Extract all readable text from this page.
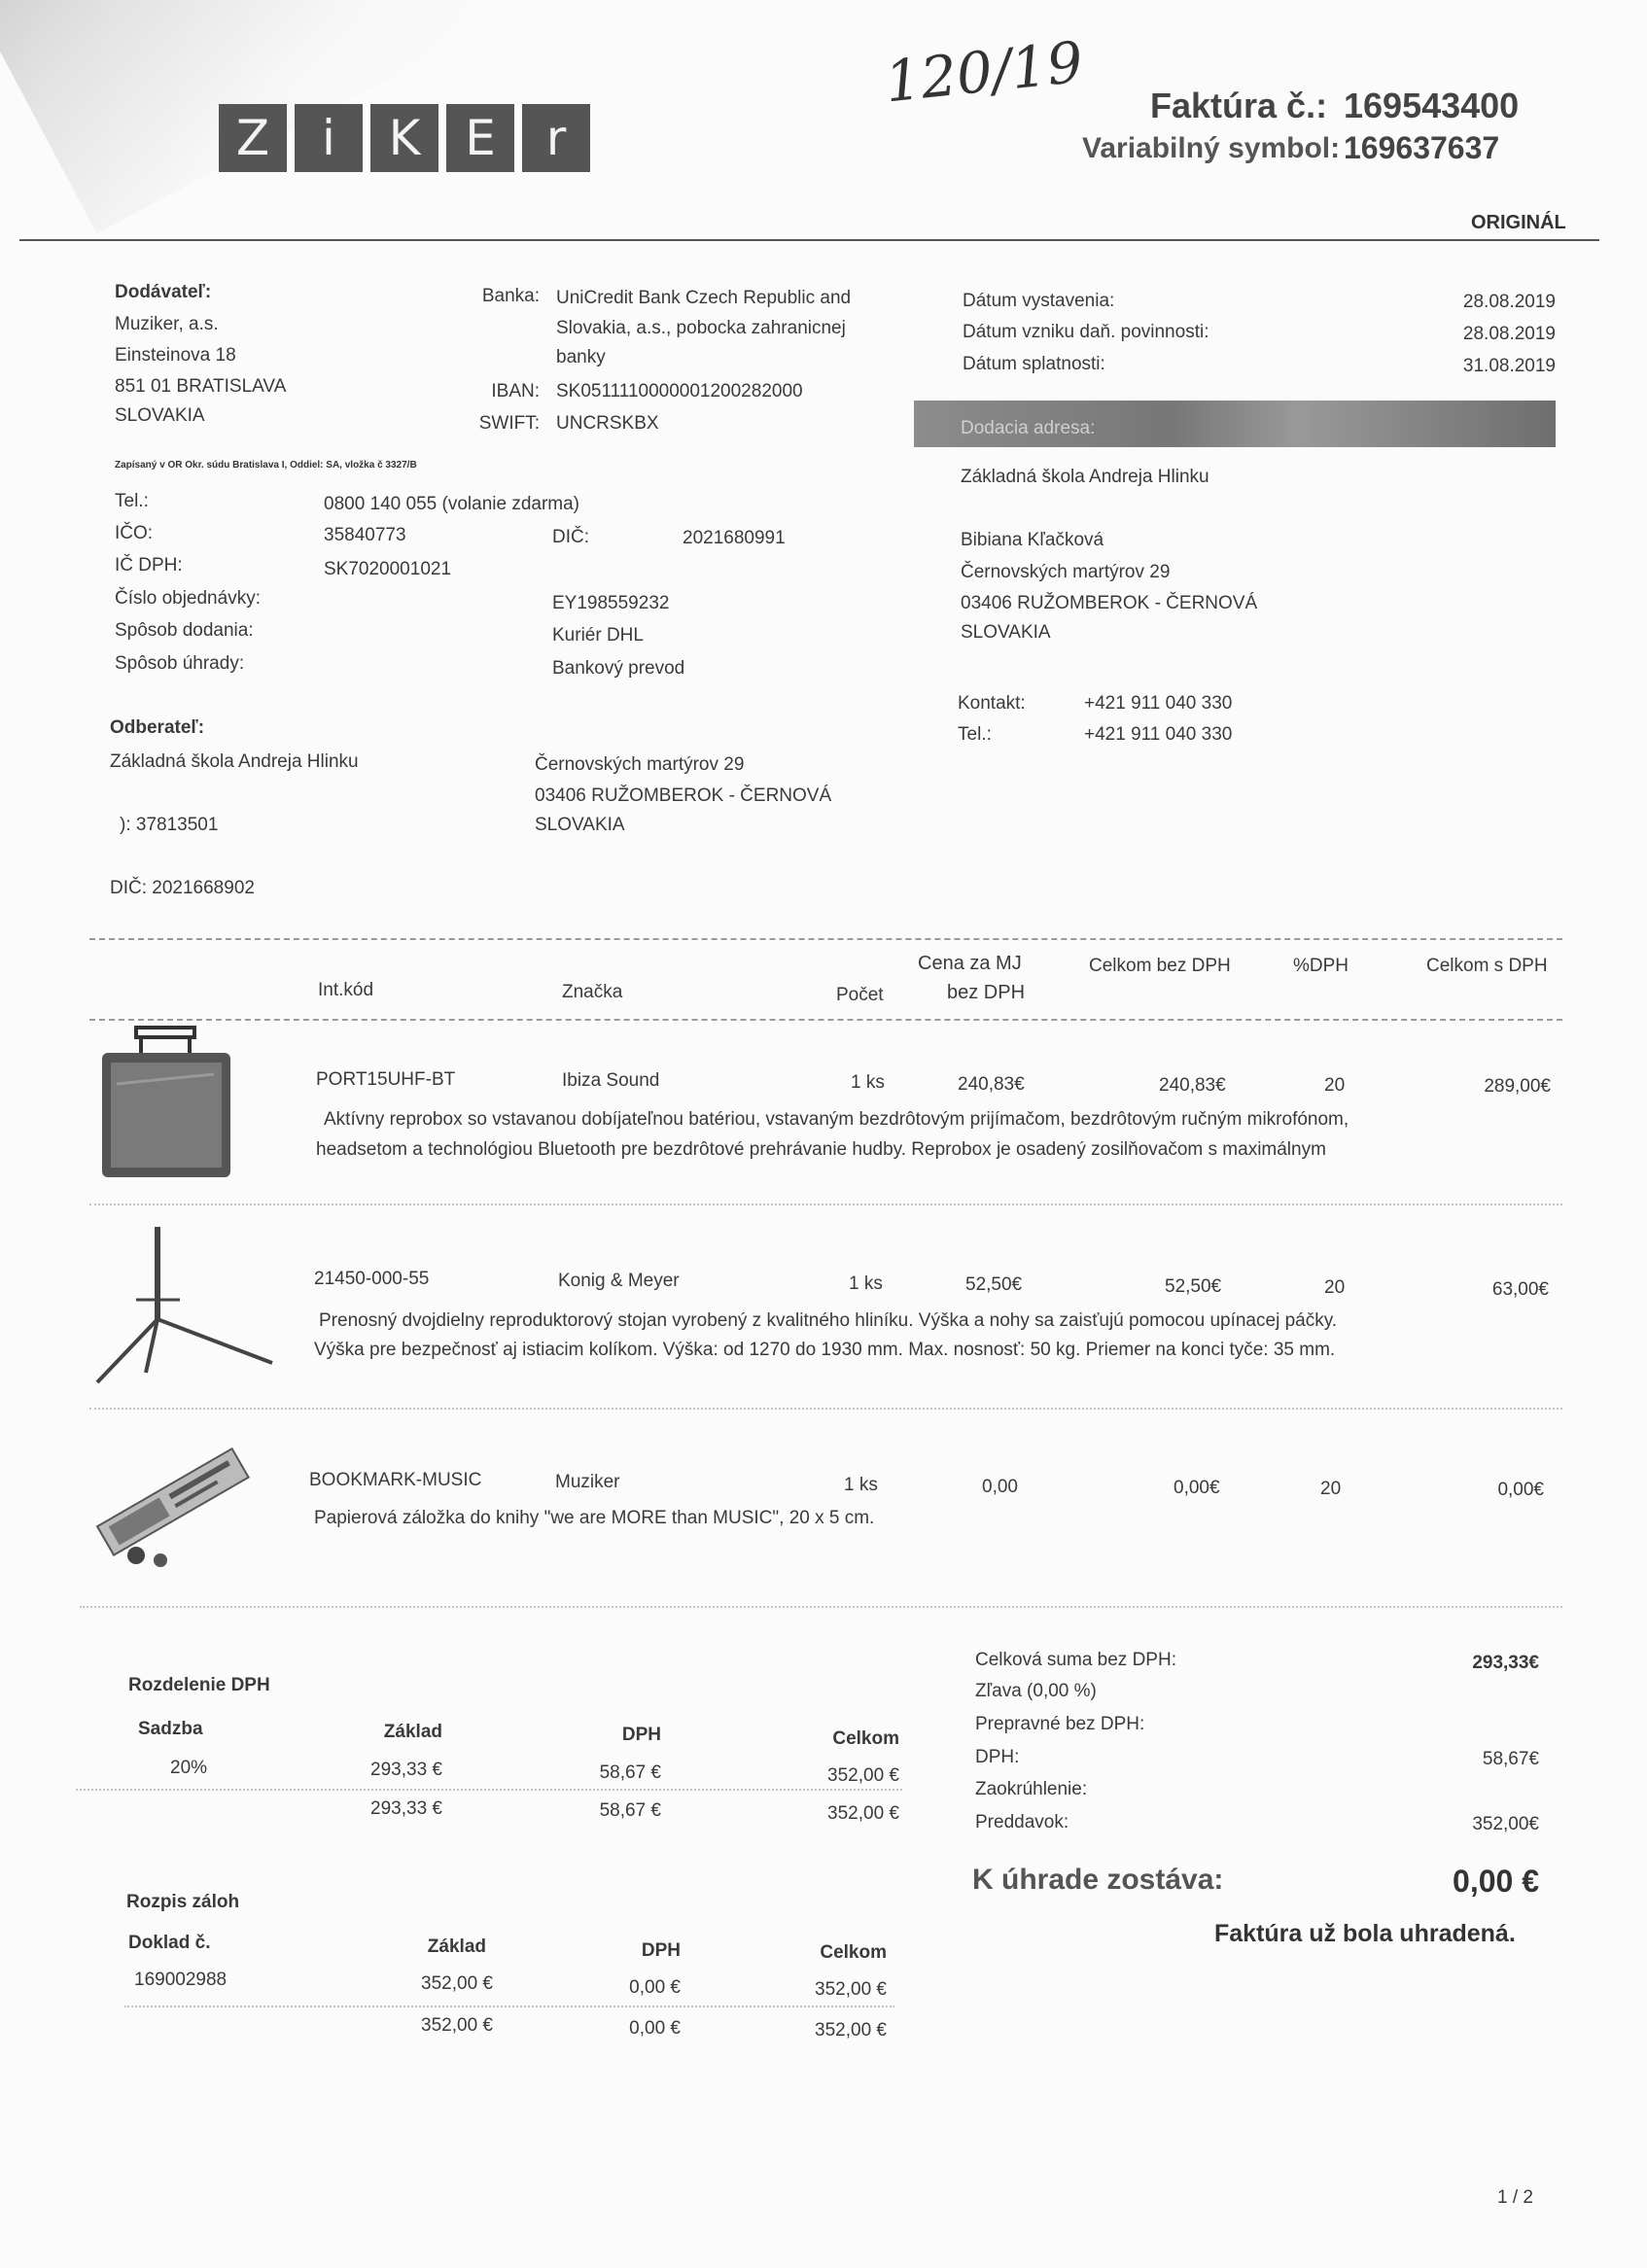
120/19
Z	i	K E	r
Faktúra č.: 169543400
Variabilný symbol: 169637637
ORIGINÁL
Dodávateľ:
Muziker, a.s.
Einsteinova 18
851 01 BRATISLAVA
SLOVAKIA
Zapísaný v OR Okr. súdu Bratislava I, Oddiel: SA, vložka č 3327/B
Banka: UniCredit Bank Czech Republic and
Slovakia, a.s., pobocka zahranicnej
banky
IBAN: SK0511110000001200282000
SWIFT: UNCRSKBX
Dátum vystavenia:	28.08.2019
Dátum vzniku daň. povinnosti:	28.08.2019
Dátum splatnosti:	31.08.2019
Dodacia adresa:
Základná škola Andreja Hlinku
Bibiana Kľačková
Černovských martýrov 29
03406 RUŽOMBEROK - ČERNOVÁ
SLOVAKIA
Kontakt:	+421 911 040 330
Tel.:	+421 911 040 330
Tel.:	0800 140 055 (volanie zdarma)
IČO:	35840773	DIČ:	2021680991
IČ DPH:	SK7020001021
Číslo objednávky:	EY198559232
Spôsob dodania:	Kuriér DHL
Spôsob úhrady:	Bankový prevod
Odberateľ:
Základná škola Andreja Hlinku	Černovských martýrov 29
03406 RUŽOMBEROK - ČERNOVÁ
SLOVAKIA
): 37813501
DIČ: 2021668902
Int.kód	Značka	Počet
Cena za MJ
bez DPH
Celkom bez DPH	%DPH	Celkom s DPH
PORT15UHF-BT	Ibiza Sound	1 ks	240,83€	240,83€	20	289,00€
Aktívny reprobox so vstavanou dobíjateľnou batériou, vstavaným bezdrôtovým prijímačom, bezdrôtovým ručným mikrofónom,
headsetom a technológiou Bluetooth pre bezdrôtové prehrávanie hudby. Reprobox je osadený zosilňovačom s maximálnym
21450-000-55	Konig & Meyer	1 ks	52,50€	52,50€	20	63,00€
Prenosný dvojdielny reproduktorový stojan vyrobený z kvalitného hliníku. Výška a nohy sa zaisťujú pomocou upínacej páčky.
Výška pre bezpečnosť aj istiacim kolíkom. Výška: od 1270 do 1930 mm. Max. nosnosť: 50 kg. Priemer na konci tyče: 35 mm.
BOOKMARK-MUSIC	Muziker	1 ks	0,00	0,00€	20	0,00€
Papierová záložka do knihy "we are MORE than MUSIC", 20 x 5 cm.
Rozdelenie DPH
Sadzba	Základ	DPH	Celkom
20%	293,33 €	58,67 €	352,00 €
293,33 €	58,67 €	352,00 €
Rozpis záloh
Doklad č.	Základ	DPH	Celkom
169002988	352,00 €	0,00 €	352,00 €
352,00 €	0,00 €	352,00 €
Celková suma bez DPH:	293,33€
Zľava (0,00 %)
Prepravné bez DPH:
DPH:	58,67€
Zaokrúhlenie:
Preddavok:	352,00€
K úhrade zostáva:	0,00 €
Faktúra už bola uhradená.
1 / 2
